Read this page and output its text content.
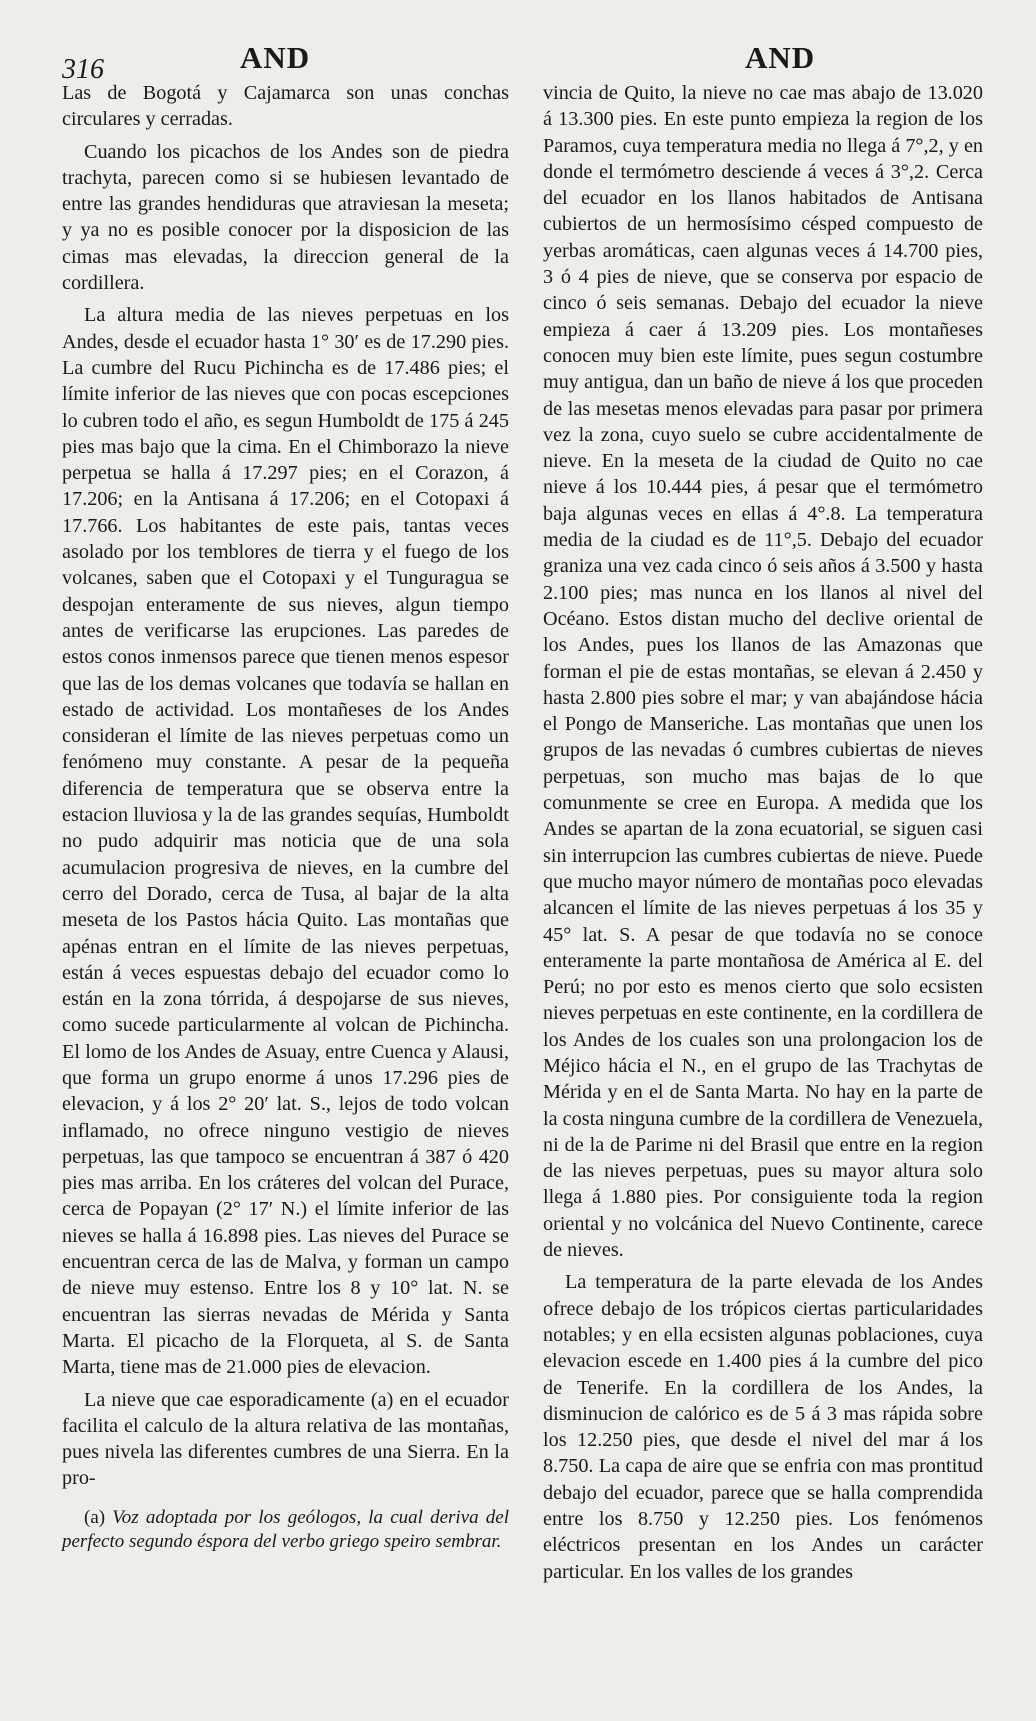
316	AND	AND

Las de Bogotá y Cajamarca son unas conchas circulares y cerradas.

Cuando los picachos de los Andes son de piedra trachyta, parecen como si se hubiesen levantado de entre las grandes hendiduras que atraviesan la meseta; y ya no es posible conocer por la disposicion de las cimas mas elevadas, la direccion general de la cordillera.

La altura media de las nieves perpetuas en los Andes, desde el ecuador hasta 1° 30′ es de 17.290 pies. La cumbre del Rucu Pichincha es de 17.486 pies; el límite inferior de las nieves que con pocas escepciones lo cubren todo el año, es segun Humboldt de 175 á 245 pies mas bajo que la cima. En el Chimborazo la nieve perpetua se halla á 17.297 pies; en el Corazon, á 17.206; en la Antisana á 17.206; en el Cotopaxi á 17.766. Los habitantes de este pais, tantas veces asolado por los temblores de tierra y el fuego de los volcanes, saben que el Cotopaxi y el Tunguragua se despojan enteramente de sus nieves, algun tiempo antes de verificarse las erupciones. Las paredes de estos conos inmensos parece que tienen menos espesor que las de los demas volcanes que todavía se hallan en estado de actividad. Los montañeses de los Andes consideran el límite de las nieves perpetuas como un fenómeno muy constante. A pesar de la pequeña diferencia de temperatura que se observa entre la estacion lluviosa y la de las grandes sequías, Humboldt no pudo adquirir mas noticia que de una sola acumulacion progresiva de nieves, en la cumbre del cerro del Dorado, cerca de Tusa, al bajar de la alta meseta de los Pastos hácia Quito. Las montañas que apénas entran en el límite de las nieves perpetuas, están á veces espuestas debajo del ecuador como lo están en la zona tórrida, á despojarse de sus nieves, como sucede particularmente al volcan de Pichincha. El lomo de los Andes de Asuay, entre Cuenca y Alausi, que forma un grupo enorme á unos 17.296 pies de elevacion, y á los 2° 20′ lat. S., lejos de todo volcan inflamado, no ofrece ninguno vestigio de nieves perpetuas, las que tampoco se encuentran á 387 ó 420 pies mas arriba. En los cráteres del volcan del Purace, cerca de Popayan (2° 17′ N.) el límite inferior de las nieves se halla á 16.898 pies. Las nieves del Purace se encuentran cerca de las de Malva, y forman un campo de nieve muy estenso. Entre los 8 y 10° lat. N. se encuentran las sierras nevadas de Mérida y Santa Marta. El picacho de la Florqueta, al S. de Santa Marta, tiene mas de 21.000 pies de elevacion.

La nieve que cae esporadicamente (a) en el ecuador facilita el calculo de la altura relativa de las montañas, pues nivela las diferentes cumbres de una Sierra. En la pro-

(a) Voz adoptada por los geólogos, la cual deriva del perfecto segundo éspora del verbo griego speiro sembrar.

vincia de Quito, la nieve no cae mas abajo de 13.020 á 13.300 pies. En este punto empieza la region de los Paramos, cuya temperatura media no llega á 7°,2, y en donde el termómetro desciende á veces á 3°,2. Cerca del ecuador en los llanos habitados de Antisana cubiertos de un hermosísimo césped compuesto de yerbas aromáticas, caen algunas veces á 14.700 pies, 3 ó 4 pies de nieve, que se conserva por espacio de cinco ó seis semanas. Debajo del ecuador la nieve empieza á caer á 13.209 pies. Los montañeses conocen muy bien este límite, pues segun costumbre muy antigua, dan un baño de nieve á los que proceden de las mesetas menos elevadas para pasar por primera vez la zona, cuyo suelo se cubre accidentalmente de nieve. En la meseta de la ciudad de Quito no cae nieve á los 10.444 pies, á pesar que el termómetro baja algunas veces en ellas á 4°.8. La temperatura media de la ciudad es de 11°,5. Debajo del ecuador graniza una vez cada cinco ó seis años á 3.500 y hasta 2.100 pies; mas nunca en los llanos al nivel del Océano. Estos distan mucho del declive oriental de los Andes, pues los llanos de las Amazonas que forman el pie de estas montañas, se elevan á 2.450 y hasta 2.800 pies sobre el mar; y van abajándose hácia el Pongo de Manseriche. Las montañas que unen los grupos de las nevadas ó cumbres cubiertas de nieves perpetuas, son mucho mas bajas de lo que comunmente se cree en Europa. A medida que los Andes se apartan de la zona ecuatorial, se siguen casi sin interrupcion las cumbres cubiertas de nieve. Puede que mucho mayor número de montañas poco elevadas alcancen el límite de las nieves perpetuas á los 35 y 45° lat. S. A pesar de que todavía no se conoce enteramente la parte montañosa de América al E. del Perú; no por esto es menos cierto que solo ecsisten nieves perpetuas en este continente, en la cordillera de los Andes de los cuales son una prolongacion los de Méjico hácia el N., en el grupo de las Trachytas de Mérida y en el de Santa Marta. No hay en la parte de la costa ninguna cumbre de la cordillera de Venezuela, ni de la de Parime ni del Brasil que entre en la region de las nieves perpetuas, pues su mayor altura solo llega á 1.880 pies. Por consiguiente toda la region oriental y no volcánica del Nuevo Continente, carece de nieves.

La temperatura de la parte elevada de los Andes ofrece debajo de los trópicos ciertas particularidades notables; y en ella ecsisten algunas poblaciones, cuya elevacion escede en 1.400 pies á la cumbre del pico de Tenerife. En la cordillera de los Andes, la disminucion de calórico es de 5 á 3 mas rápida sobre los 12.250 pies, que desde el nivel del mar á los 8.750. La capa de aire que se enfria con mas prontitud debajo del ecuador, parece que se halla comprendida entre los 8.750 y 12.250 pies. Los fenómenos eléctricos presentan en los Andes un carácter particular. En los valles de los grandes
